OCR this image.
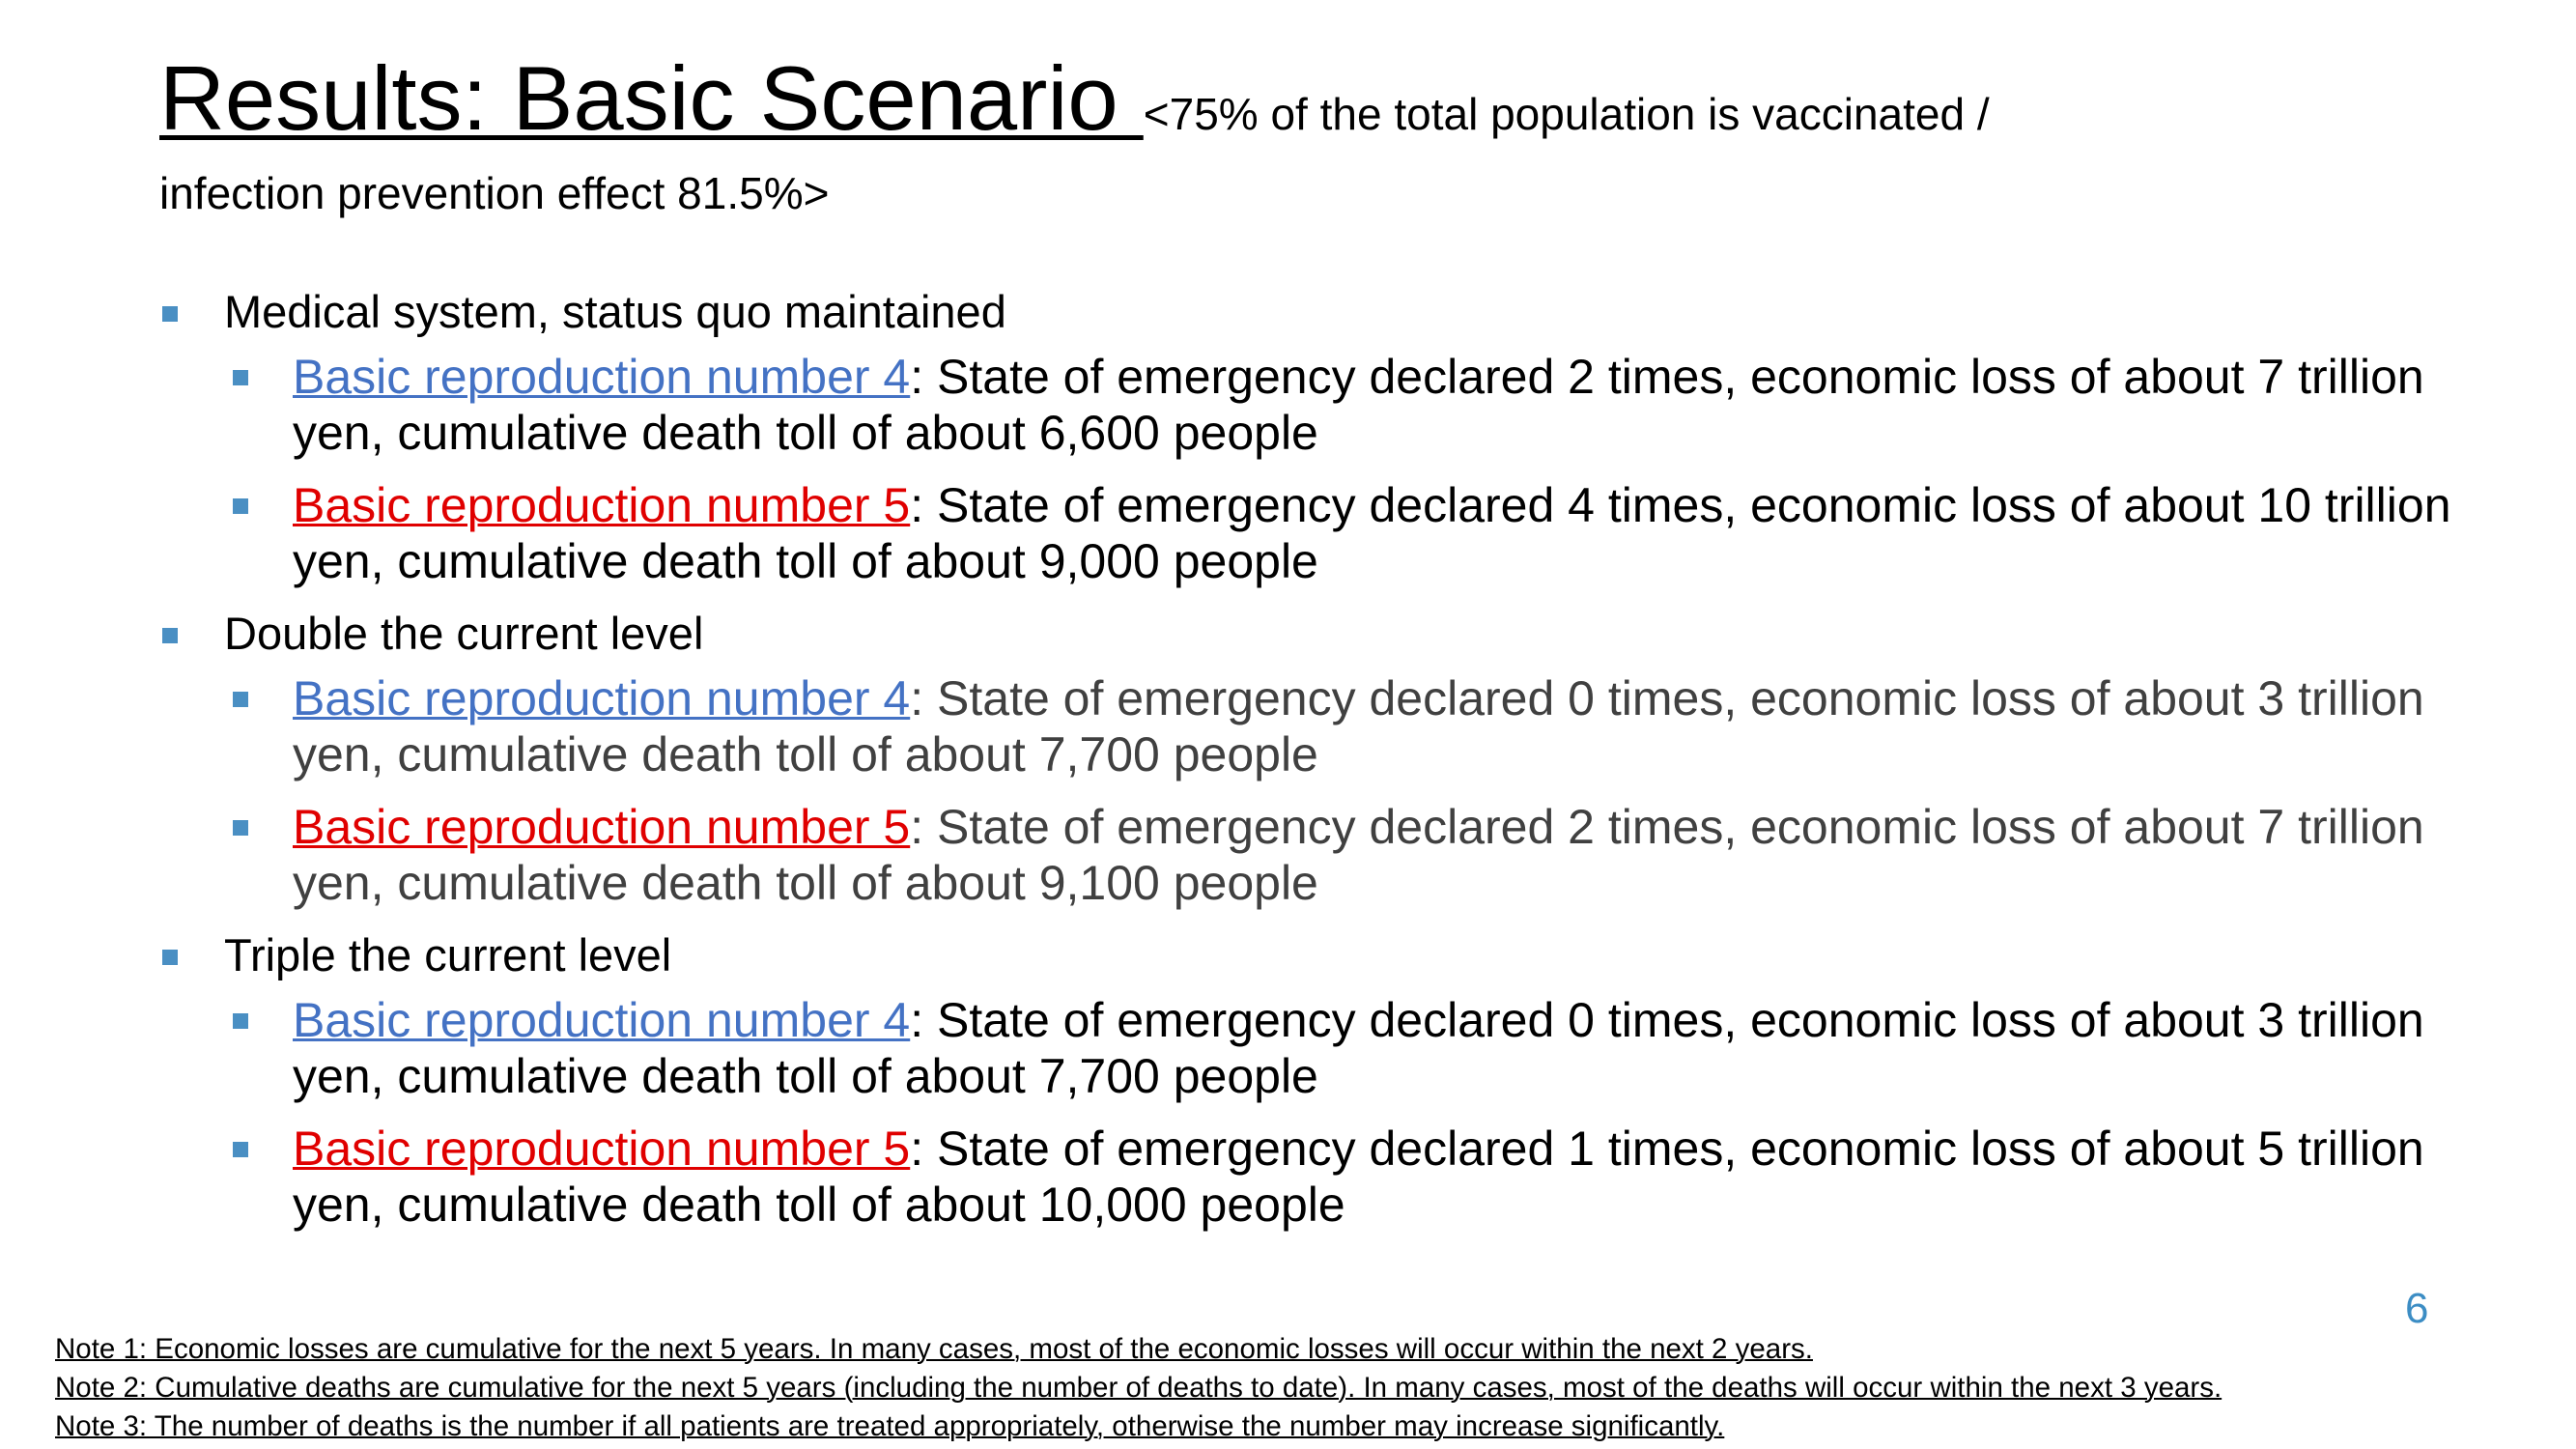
Results: Basic Scenario <75% of the total population is vaccinated /
infection prevention effect 81.5%>
Medical system, status quo maintained
Basic reproduction number 4: State of emergency declared 2 times, economic loss of about 7 trillion yen, cumulative death toll of about 6,600 people
Basic reproduction number 5: State of emergency declared 4 times, economic loss of about 10 trillion yen, cumulative death toll of about 9,000 people
Double the current level
Basic reproduction number 4: State of emergency declared 0 times, economic loss of about 3 trillion yen, cumulative death toll of about 7,700 people
Basic reproduction number 5: State of emergency declared 2 times, economic loss of about 7 trillion yen, cumulative death toll of about 9,100 people
Triple the current level
Basic reproduction number 4: State of emergency declared 0 times, economic loss of about 3 trillion yen, cumulative death toll of about 7,700 people
Basic reproduction number 5: State of emergency declared 1 times, economic loss of about 5 trillion yen, cumulative death toll of about 10,000 people
6
Note 1: Economic losses are cumulative for the next 5 years. In many cases, most of the economic losses will occur within the next 2 years.
Note 2: Cumulative deaths are cumulative for the next 5 years (including the number of deaths to date). In many cases, most of the deaths will occur within the next 3 years.
Note 3: The number of deaths is the number if all patients are treated appropriately, otherwise the number may increase significantly.
